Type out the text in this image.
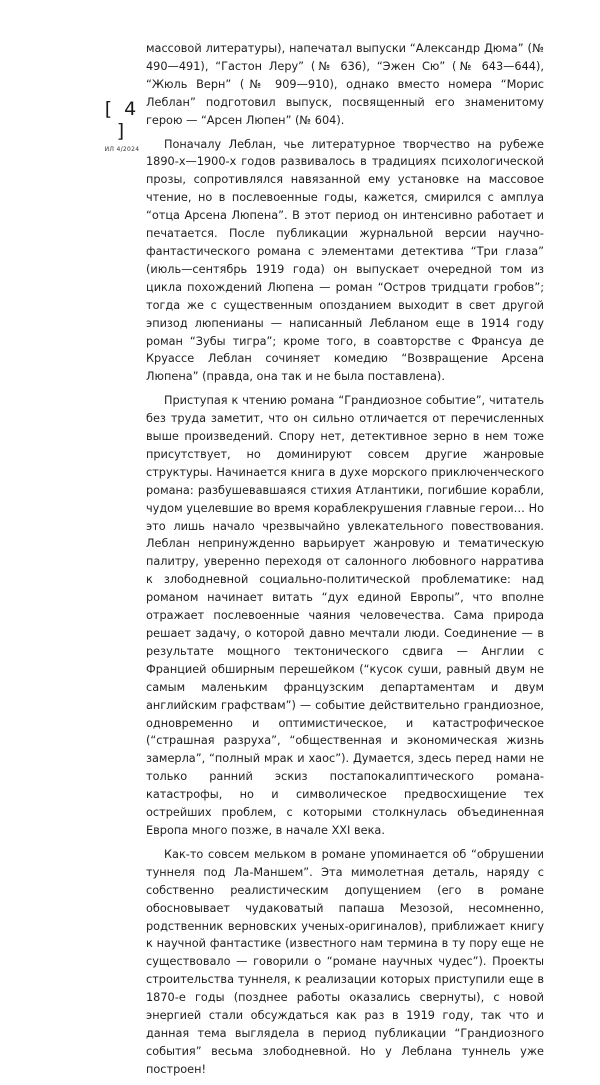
[ 4 ]
ИЛ 4/2024

массовой литературы), напечатал выпуски “Александр Дюма” (№ 490—491), “Гастон Леру” (№ 636), “Эжен Сю” (№ 643—644), “Жюль Верн” (№ 909—910), однако вместо номера “Морис Леблан” подготовил выпуск, посвященный его знаменитому герою — “Арсен Люпен” (№ 604).

Поначалу Леблан, чье литературное творчество на рубеже 1890-х—1900-х годов развивалось в традициях психологической прозы, сопротивлялся навязанной ему установке на массовое чтение, но в послевоенные годы, кажется, смирился с амплуа “отца Арсена Люпена”. В этот период он интенсивно работает и печатается. После публикации журнальной версии научно-фантастического романа с элементами детектива “Три глаза” (июль—сентябрь 1919 года) он выпускает очередной том из цикла похождений Люпена — роман “Остров тридцати гробов”; тогда же с существенным опозданием выходит в свет другой эпизод люпенианы — написанный Лебланом еще в 1914 году роман “Зубы тигра”; кроме того, в соавторстве с Франсуа де Круассе Леблан сочиняет комедию “Возвращение Арсена Люпена” (правда, она так и не была поставлена).

Приступая к чтению романа “Грандиозное событие”, читатель без труда заметит, что он сильно отличается от перечисленных выше произведений. Спору нет, детективное зерно в нем тоже присутствует, но доминируют совсем другие жанровые структуры. Начинается книга в духе морского приключенческого романа: разбушевавшаяся стихия Атлантики, погибшие корабли, чудом уцелевшие во время кораблекрушения главные герои… Но это лишь начало чрезвычайно увлекательного повествования. Леблан непринужденно варьирует жанровую и тематическую палитру, уверенно переходя от салонного любовного нарратива к злободневной социально-политической проблематике: над романом начинает витать “дух единой Европы”, что вполне отражает послевоенные чаяния человечества. Сама природа решает задачу, о которой давно мечтали люди. Соединение — в результате мощного тектонического сдвига — Англии с Францией обширным перешейком (“кусок суши, равный двум не самым маленьким французским департаментам и двум английским графствам”) — событие действительно грандиозное, одновременно и оптимистическое, и катастрофическое (“страшная разруха”, “общественная и экономическая жизнь замерла”, “полный мрак и хаос”). Думается, здесь перед нами не только ранний эскиз постапокалиптического романа-катастрофы, но и символическое предвосхищение тех острейших проблем, с которыми столкнулась объединенная Европа много позже, в начале XXI века.

Как-то совсем мельком в романе упоминается об “обрушении туннеля под Ла-Маншем”. Эта мимолетная деталь, наряду с собственно реалистическим допущением (его в романе обосновывает чудаковатый папаша Мезозой, несомненно, родственник верновских ученых-оригиналов), приближает книгу к научной фантастике (известного нам термина в ту пору еще не существовало — говорили о “романе научных чудес”). Проекты строительства туннеля, к реализации которых приступили еще в 1870-е годы (позднее работы оказались свернуты), с новой энергией стали обсуждаться как раз в 1919 году, так что и данная тема выглядела в период публикации “Грандиозного события” весьма злободневной. Но у Леблана туннель уже построен!
